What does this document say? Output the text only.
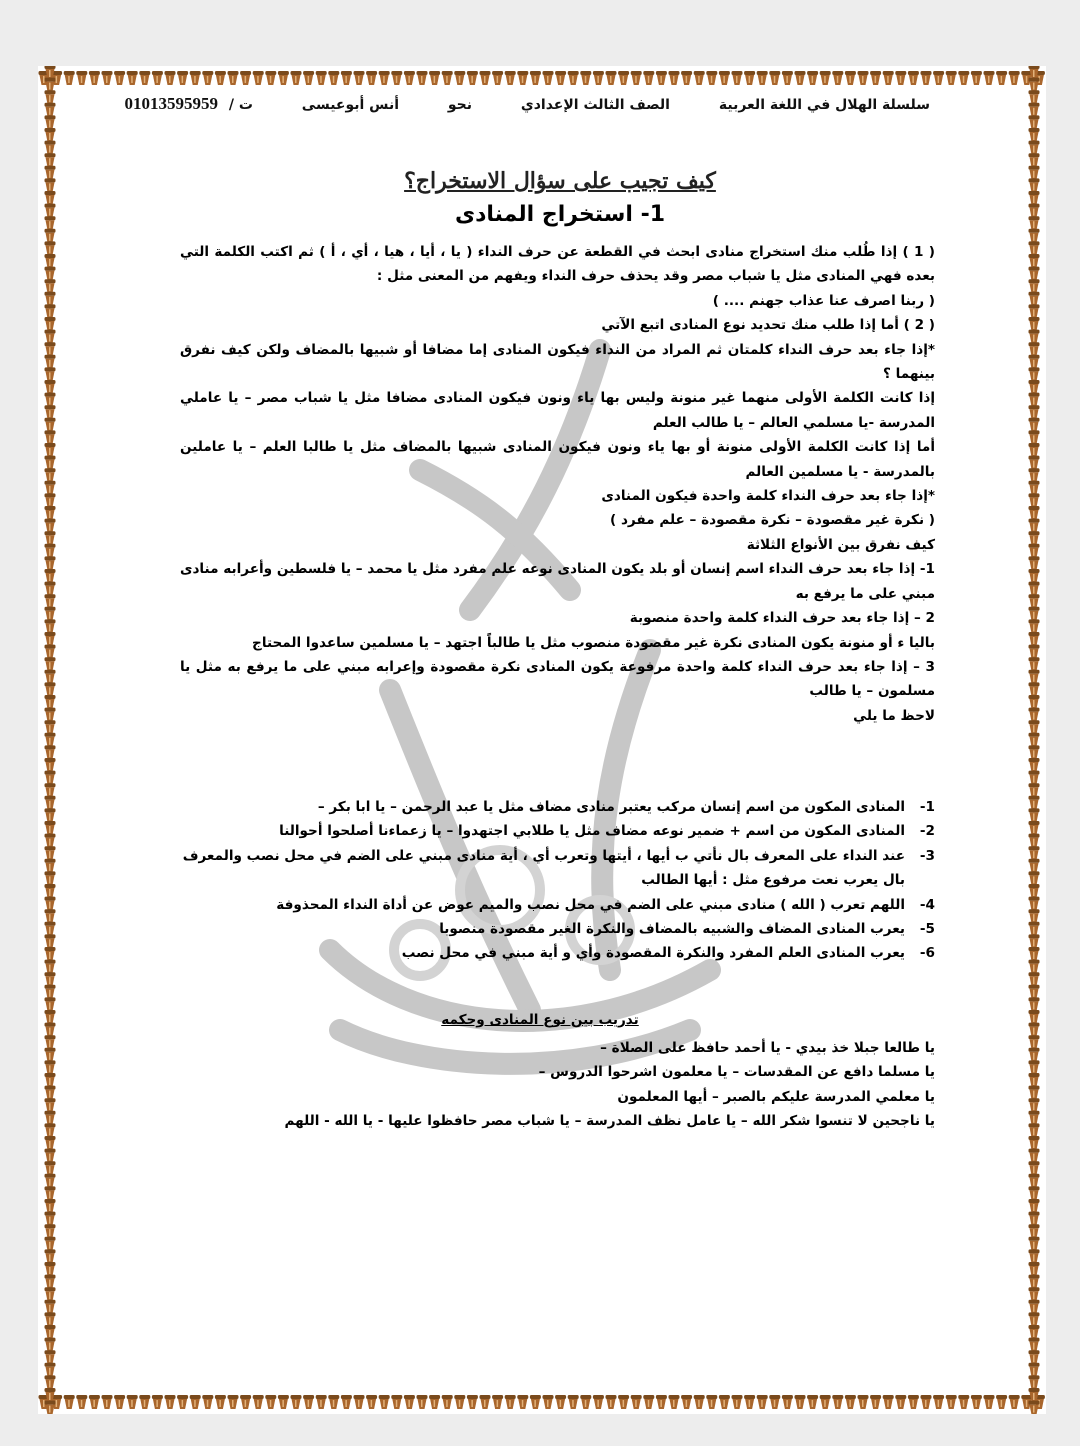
سلسلة الهلال في اللغة العربية الصف الثالث الإعدادي نحو أنس أبوعيسى ت / 01013595959
كيف تجيب على سؤال الاستخراج؟
1- استخراج المنادى

( 1 ) إذا طُلب منك استخراج منادى ابحث في القطعة عن حرف النداء ( يا ، أيا ، هيا ، أي ، أ ) ثم اكتب الكلمة التي بعده فهي المنادى مثل يا شباب مصر وقد يحذف حرف النداء ويفهم من المعنى مثل :

( ربنا اصرف عنا عذاب جهنم .... )

( 2 ) أما إذا طلب منك تحديد نوع المنادى اتبع الآتي

*إذا جاء بعد حرف النداء كلمتان ثم المراد من النداء فيكون المنادى إما مضافا أو شبيها بالمضاف ولكن كيف نفرق بينهما ؟

إذا كانت الكلمة الأولى منهما غير منونة وليس بها ياء ونون فيكون المنادى مضافا مثل يا شباب مصر – يا عاملي المدرسة -يا مسلمي العالم – يا طالب العلم

أما إذا كانت الكلمة الأولى منونة أو بها ياء ونون فيكون المنادى شبيها بالمضاف مثل يا طالبا العلم – يا عاملين بالمدرسة - يا مسلمين العالم

*إذا جاء بعد حرف النداء كلمة واحدة فيكون المنادى

( نكرة غير مقصودة – نكرة مقصودة – علم مفرد )

كيف نفرق بين الأنواع الثلاثة

1- إذا جاء بعد حرف النداء اسم إنسان أو بلد يكون المنادى نوعه علم مفرد مثل يا محمد – يا فلسطين وأعرابه منادى مبني على ما يرفع به

2 – إذا جاء بعد حرف النداء كلمة واحدة منصوبة

باليا ء أو منونة يكون المنادى نكرة غير مقصودة منصوب مثل يا طالباً اجتهد – يا مسلمين ساعدوا المحتاج

3 – إذا جاء بعد حرف النداء كلمة واحدة مرفوعة يكون المنادى نكرة مقصودة وإعرابه مبني على ما يرفع به مثل يا مسلمون – يا طالب

لاحظ ما يلي

1-
المنادى المكون من اسم إنسان مركب يعتبر منادى مضاف مثل يا عبد الرحمن – يا ابا بكر –
2-
المنادى المكون من اسم + ضمير نوعه مضاف مثل يا طلابي اجتهدوا – يا زعماءنا أصلحوا أحوالنا
3-
عند النداء على المعرف بال نأتي ب أيها ، أيتها وتعرب أي ، أية منادى مبني على الضم في محل نصب والمعرف بال يعرب نعت مرفوع مثل : أيها الطالب
4-
اللهم تعرب ( الله ) منادى مبني على الضم في محل نصب والميم عوض عن أداة النداء المحذوفة
5-
يعرب المنادى المضاف والشبيه بالمضاف والنكرة الغير مقصودة منصوبا
6-
يعرب المنادى العلم المفرد والنكرة المقصودة وأي و أية مبني في محل نصب
تدريب بين نوع المنادى وحكمه

يا طالعا جبلا خذ بيدي - يا أحمد حافظ على الصلاة –

يا مسلما دافع عن المقدسات – يا معلمون اشرحوا الدروس –

يا معلمي المدرسة عليكم بالصبر – أيها المعلمون

يا ناجحين لا تنسوا شكر الله – يا عامل نظف المدرسة – يا شباب مصر حافظوا عليها - يا الله - اللهم
